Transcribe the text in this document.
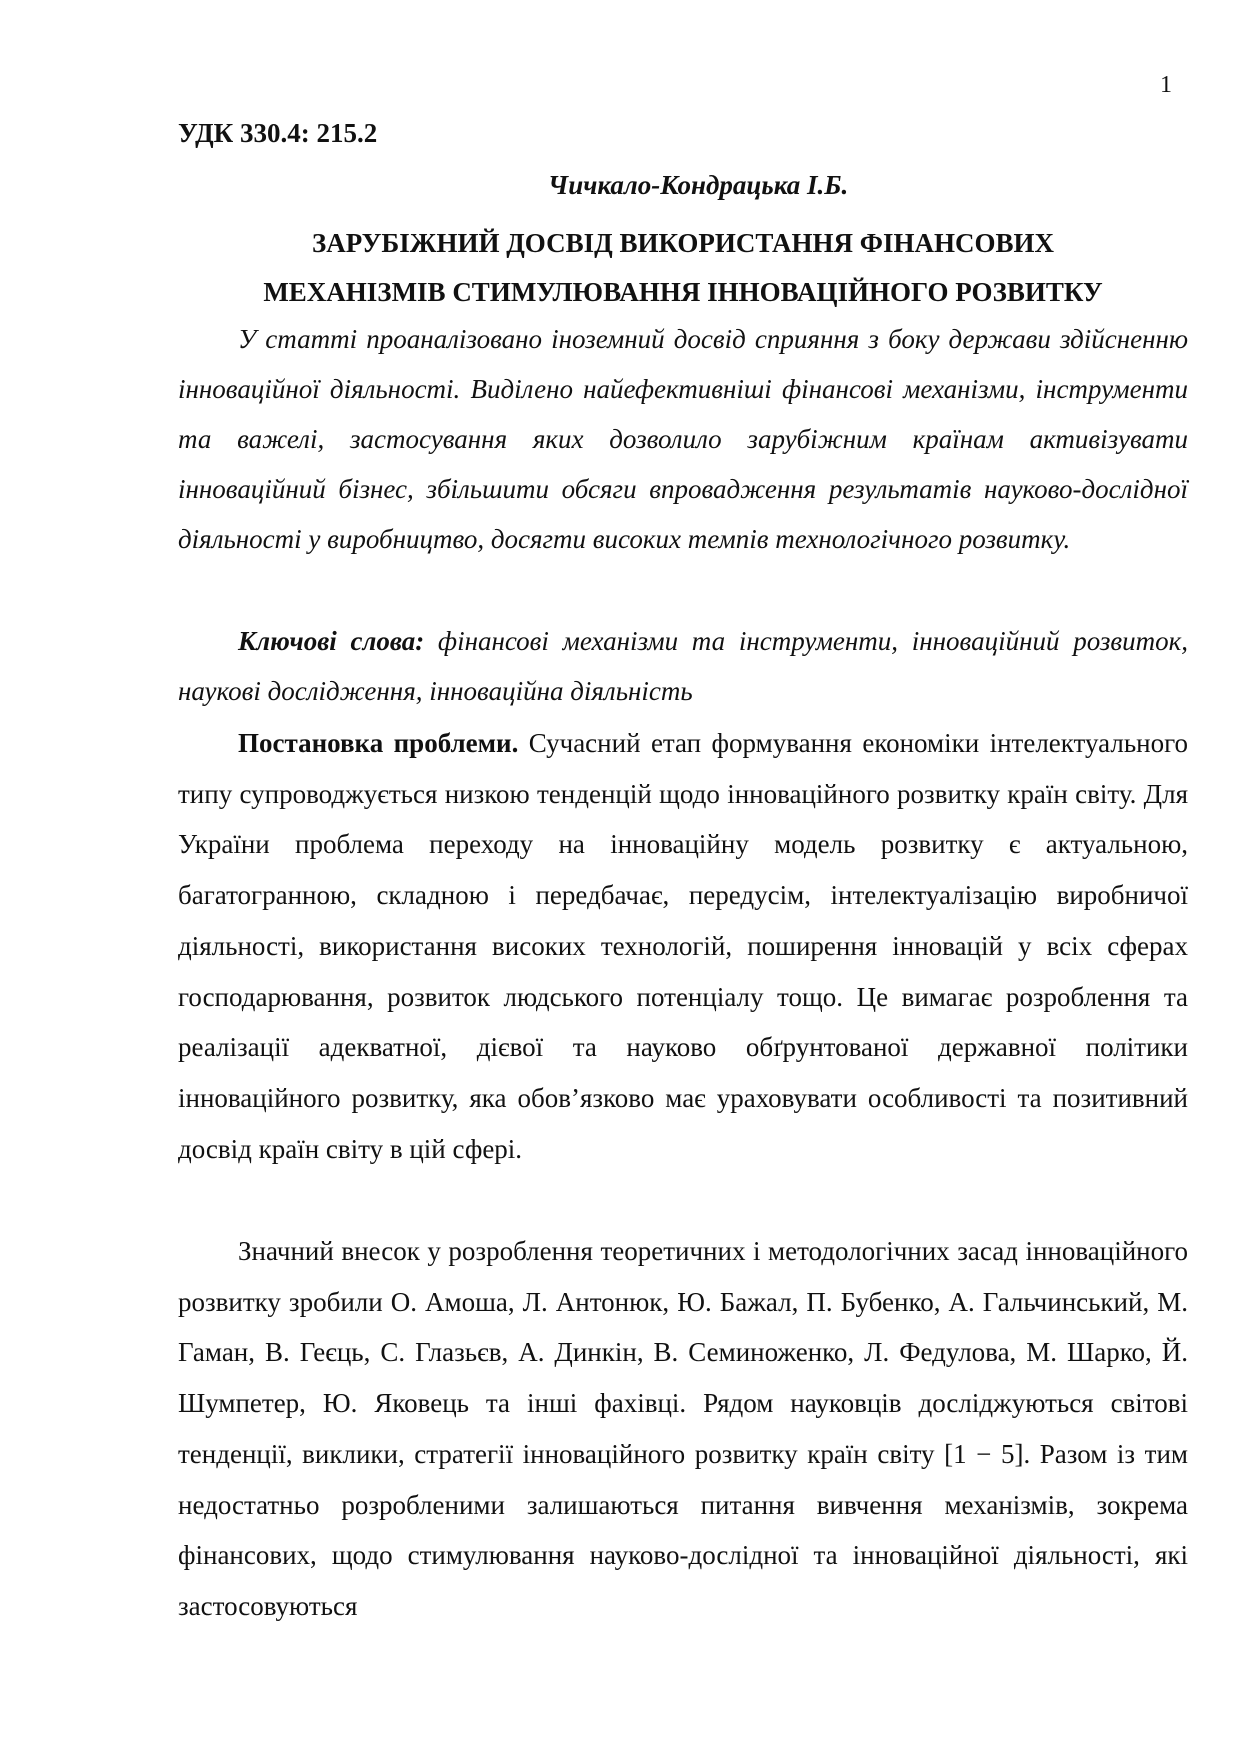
1
УДК 330.4: 215.2
Чичкало-Кондрацька І.Б.
ЗАРУБІЖНИЙ ДОСВІД ВИКОРИСТАННЯ ФІНАНСОВИХ
МЕХАНІЗМІВ СТИМУЛЮВАННЯ ІННОВАЦІЙНОГО РОЗВИТКУ

У статті проаналізовано іноземний досвід сприяння з боку держави здійсненню інноваційної діяльності. Виділено найефективніші фінансові механізми, інструменти та важелі, застосування яких дозволило зарубіжним країнам активізувати інноваційний бізнес, збільшити обсяги впровадження результатів науково-дослідної діяльності у виробництво, досягти високих темпів технологічного розвитку.

Ключові слова: фінансові механізми та інструменти, інноваційний розвиток, наукові дослідження, інноваційна діяльність

Постановка проблеми. Сучасний етап формування економіки інтелектуального типу супроводжується низкою тенденцій щодо інноваційного розвитку країн світу. Для України проблема переходу на інноваційну модель розвитку є актуальною, багатогранною, складною і передбачає, передусім, інтелектуалізацію виробничої діяльності, використання високих технологій, поширення інновацій у всіх сферах господарювання, розвиток людського потенціалу тощо. Це вимагає розроблення та реалізації адекватної, дієвої та науково обґрунтованої державної політики інноваційного розвитку, яка обов’язково має ураховувати особливості та позитивний досвід країн світу в цій сфері.

Значний внесок у розроблення теоретичних і методологічних засад інноваційного розвитку зробили О. Амоша, Л. Антонюк, Ю. Бажал, П. Бубенко, А. Гальчинський, М. Гаман, В. Геєць, С. Глазьєв, А. Динкін, В. Семиноженко, Л. Федулова, М. Шарко, Й. Шумпетер, Ю. Яковець та інші фахівці. Рядом науковців досліджуються світові тенденції, виклики, стратегії інноваційного розвитку країн світу [1 − 5]. Разом із тим недостатньо розробленими залишаються питання вивчення механізмів, зокрема фінансових, щодо стимулювання науково-дослідної та інноваційної діяльності, які застосовуються
